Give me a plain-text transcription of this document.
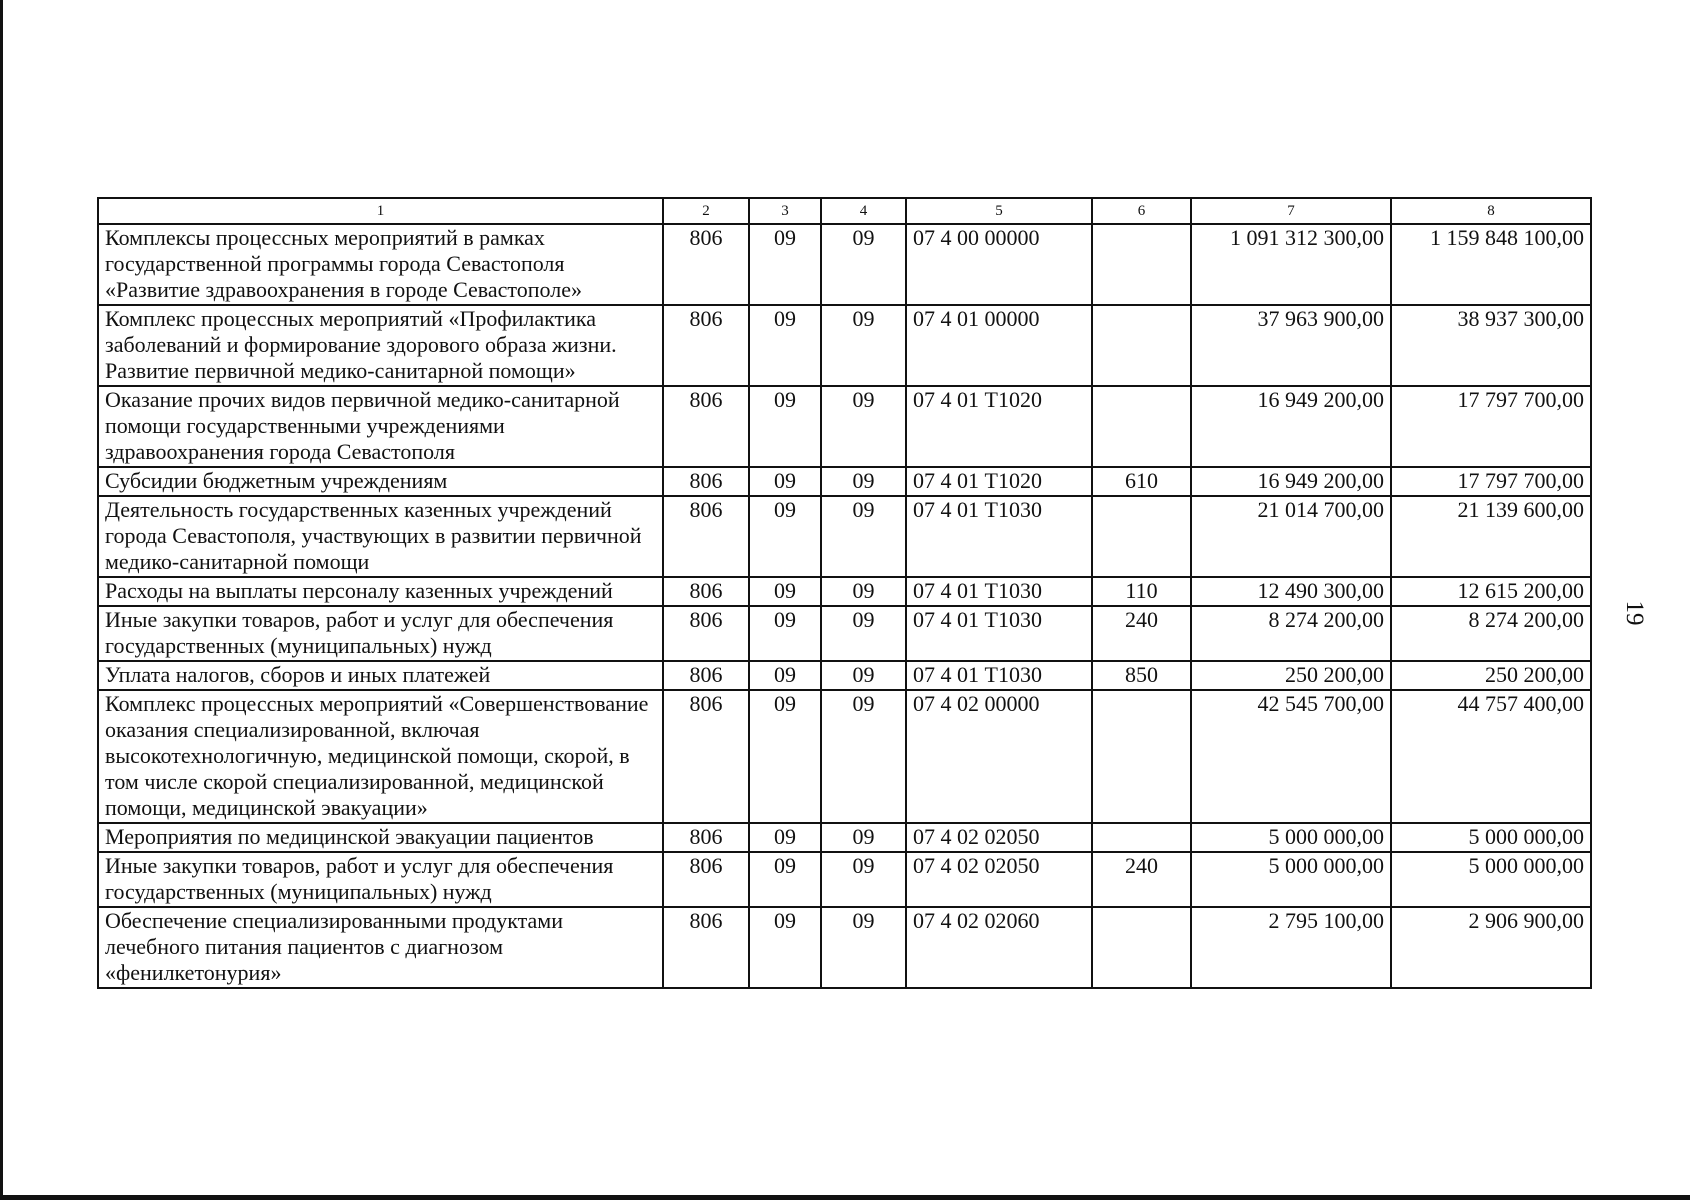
19
1	2	3	4	5	6	7	8
Комплексы процессных мероприятий в рамках государственной программы города Севастополя «Развитие здравоохранения в городе Севастополе»	806	09	09	07 4 00 00000		1 091 312 300,00	1 159 848 100,00
Комплекс процессных мероприятий «Профилактика заболеваний и формирование здорового образа жизни. Развитие первичной медико-санитарной помощи»	806	09	09	07 4 01 00000		37 963 900,00	38 937 300,00
Оказание прочих видов первичной медико-санитарной помощи государственными учреждениями здравоохранения города Севастополя	806	09	09	07 4 01 Т1020		16 949 200,00	17 797 700,00
Субсидии бюджетным учреждениям	806	09	09	07 4 01 Т1020	610	16 949 200,00	17 797 700,00
Деятельность государственных казенных учреждений города Севастополя, участвующих в развитии первичной медико-санитарной помощи	806	09	09	07 4 01 Т1030		21 014 700,00	21 139 600,00
Расходы на выплаты персоналу казенных учреждений	806	09	09	07 4 01 Т1030	110	12 490 300,00	12 615 200,00
Иные закупки товаров, работ и услуг для обеспечения государственных (муниципальных) нужд	806	09	09	07 4 01 Т1030	240	8 274 200,00	8 274 200,00
Уплата налогов, сборов и иных платежей	806	09	09	07 4 01 Т1030	850	250 200,00	250 200,00
Комплекс процессных мероприятий «Совершенствование оказания специализированной, включая высокотехнологичную, медицинской помощи, скорой, в том числе скорой специализированной, медицинской помощи, медицинской эвакуации»	806	09	09	07 4 02 00000		42 545 700,00	44 757 400,00
Мероприятия по медицинской эвакуации пациентов	806	09	09	07 4 02 02050		5 000 000,00	5 000 000,00
Иные закупки товаров, работ и услуг для обеспечения государственных (муниципальных) нужд	806	09	09	07 4 02 02050	240	5 000 000,00	5 000 000,00
Обеспечение специализированными продуктами лечебного питания пациентов с диагнозом «фенилкетонурия»	806	09	09	07 4 02 02060		2 795 100,00	2 906 900,00
